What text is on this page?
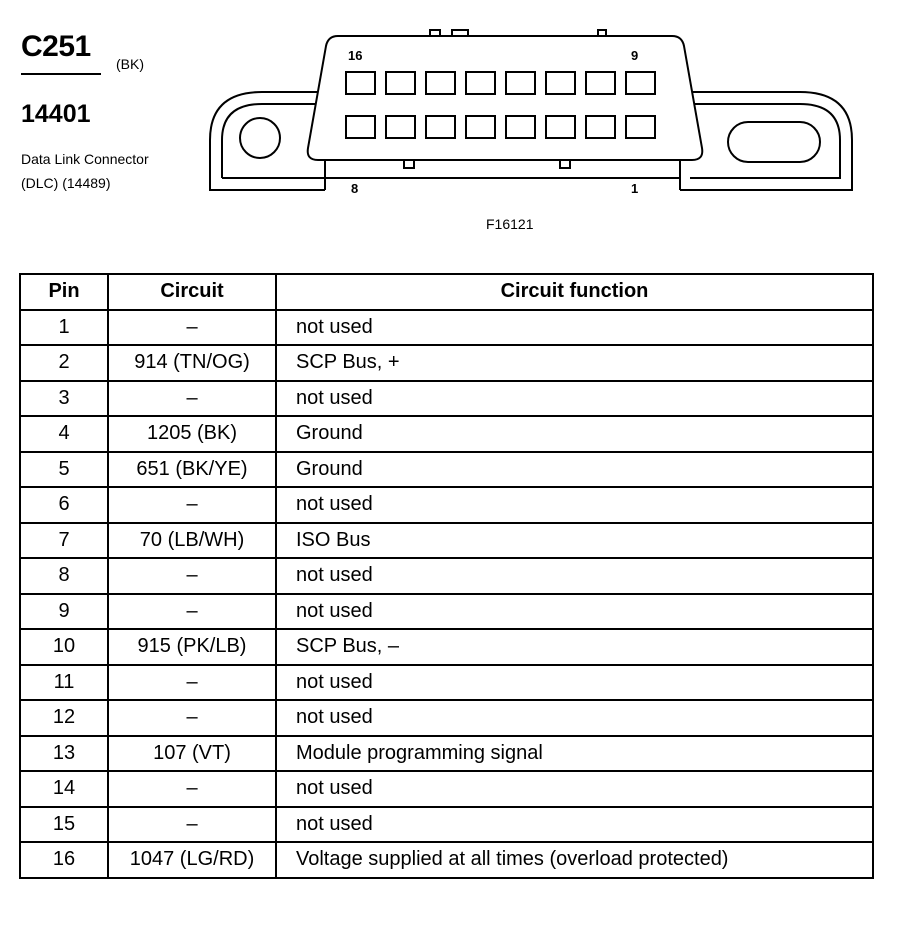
C251
(BK)
14401
Data Link Connector
(DLC) (14489)
F16121
16	9
8	1
Pin	Circuit	Circuit function
1	–	not used
2	914 (TN/OG)	SCP Bus, +
3	–	not used
4	1205 (BK)	Ground
5	651 (BK/YE)	Ground
6	–	not used
7	70 (LB/WH)	ISO Bus
8	–	not used
9	–	not used
10	915 (PK/LB)	SCP Bus, –
11	–	not used
12	–	not used
13	107 (VT)	Module programming signal
14	–	not used
15	–	not used
16	1047 (LG/RD)	Voltage supplied at all times (overload protected)
